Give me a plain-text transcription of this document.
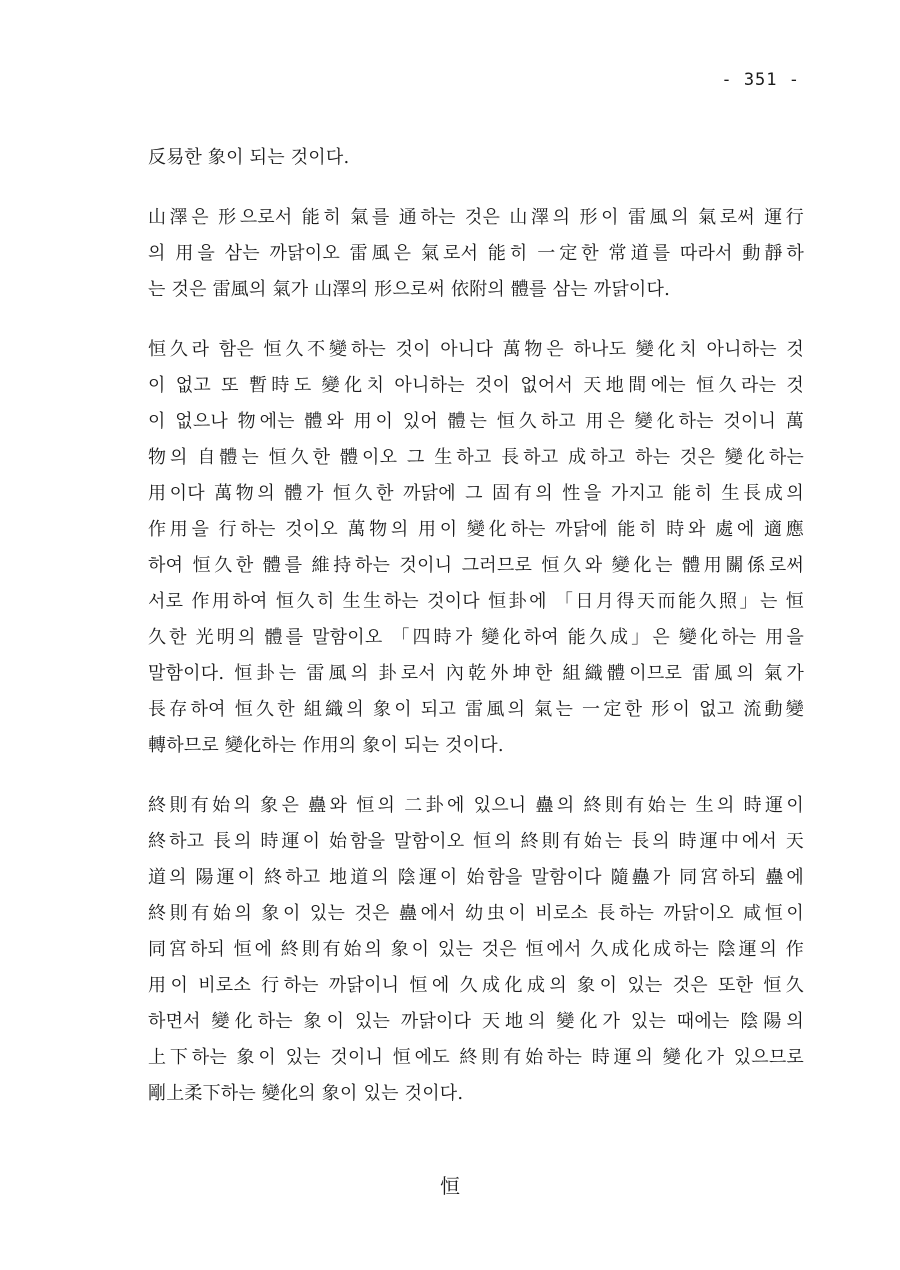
- 351 -
反易한 象이 되는 것이다.
山澤은 形으로서 能히 氣를 通하는 것은 山澤의 形이 雷風의 氣로써 運行
의 用을 삼는 까닭이오 雷風은 氣로서 能히 一定한 常道를 따라서 動靜하
는 것은 雷風의 氣가 山澤의 形으로써 依附의 體를 삼는 까닭이다.
恒久라 함은 恒久不變하는 것이 아니다 萬物은 하나도 變化치 아니하는 것
이 없고 또 暫時도 變化치 아니하는 것이 없어서 天地間에는 恒久라는 것
이 없으나 物에는 體와 用이 있어 體는 恒久하고 用은 變化하는 것이니 萬
物의 自體는 恒久한 體이오 그 生하고 長하고 成하고 하는 것은 變化하는
用이다 萬物의 體가 恒久한 까닭에 그 固有의 性을 가지고 能히 生長成의
作用을 行하는 것이오 萬物의 用이 變化하는 까닭에 能히 時와 處에 適應
하여 恒久한 體를 維持하는 것이니 그러므로 恒久와 變化는 體用關係로써
서로 作用하여 恒久히 生生하는 것이다 恒卦에 「日月得天而能久照」는 恒
久한 光明의 體를 말함이오 「四時가 變化하여 能久成」은 變化하는 用을
말함이다. 恒卦는 雷風의 卦로서 內乾外坤한 組織體이므로 雷風의 氣가
長存하여 恒久한 組織의 象이 되고 雷風의 氣는 一定한 形이 없고 流動變
轉하므로 變化하는 作用의 象이 되는 것이다.
終則有始의 象은 蠱와 恒의 二卦에 있으니 蠱의 終則有始는 生의 時運이
終하고 長의 時運이 始함을 말함이오 恒의 終則有始는 長의 時運中에서 天
道의 陽運이 終하고 地道의 陰運이 始함을 말함이다 隨蠱가 同宮하되 蠱에
終則有始의 象이 있는 것은 蠱에서 幼虫이 비로소 長하는 까닭이오 咸恒이
同宮하되 恒에 終則有始의 象이 있는 것은 恒에서 久成化成하는 陰運의 作
用이 비로소 行하는 까닭이니 恒에 久成化成의 象이 있는 것은 또한 恒久
하면서 變化하는 象이 있는 까닭이다 天地의 變化가 있는 때에는 陰陽의
上下하는 象이 있는 것이니 恒에도 終則有始하는 時運의 變化가 있으므로
剛上柔下하는 變化의 象이 있는 것이다.
恒
